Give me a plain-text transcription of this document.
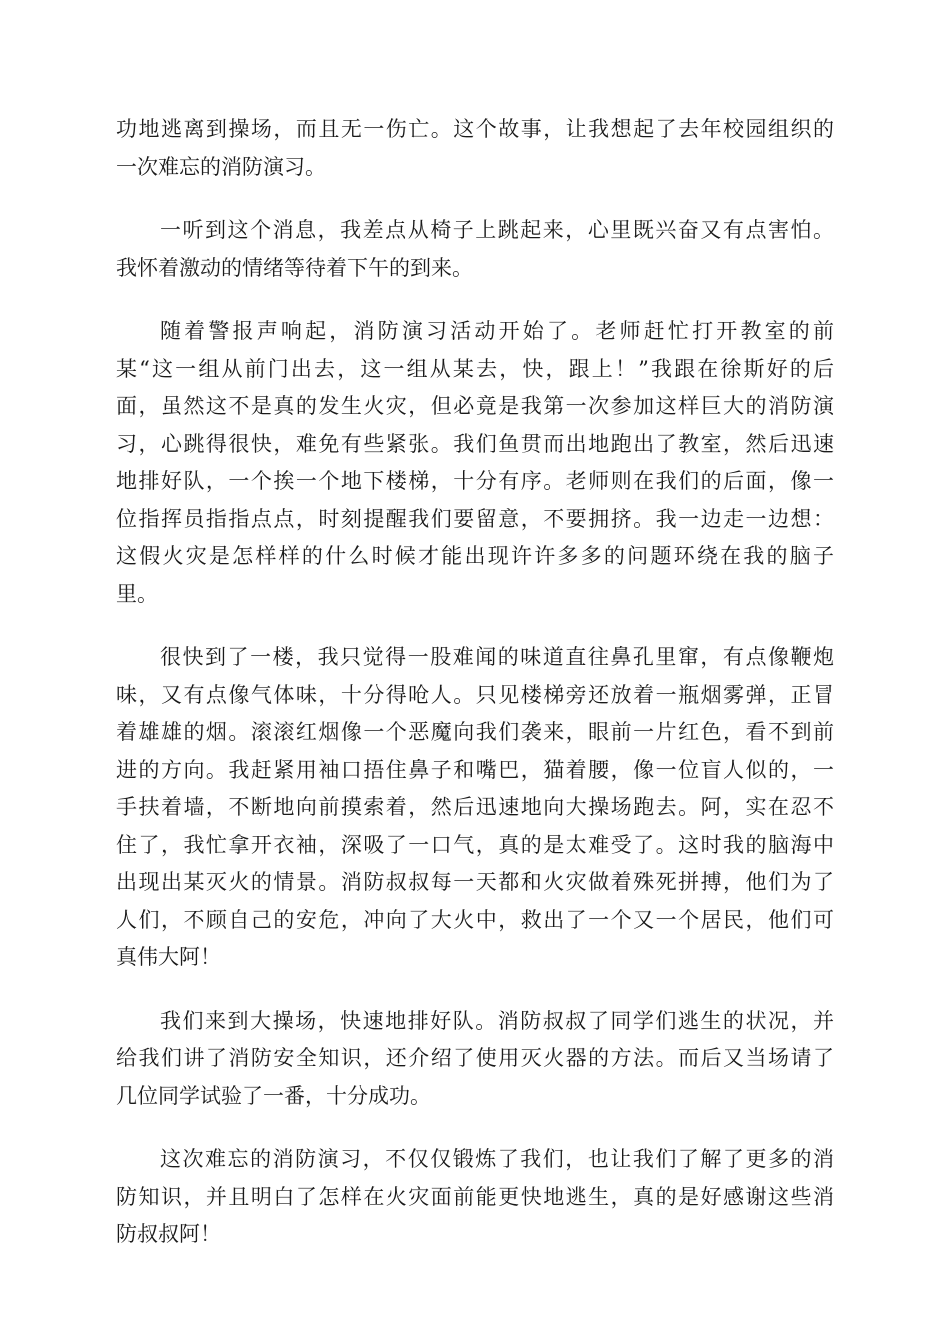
功地逃离到操场，而且无一伤亡。这个故事，让我想起了去年校园组织的
一次难忘的消防演习。

一听到这个消息，我差点从椅子上跳起来，心里既兴奋又有点害怕。
我怀着激动的情绪等待着下午的到来。

随着警报声响起，消防演习活动开始了。老师赶忙打开教室的前
某“这一组从前门出去，这一组从某去，快，跟上！”我跟在徐斯好的后
面，虽然这不是真的发生火灾，但必竟是我第一次参加这样巨大的消防演
习，心跳得很快，难免有些紧张。我们鱼贯而出地跑出了教室，然后迅速
地排好队，一个挨一个地下楼梯，十分有序。老师则在我们的后面，像一
位指挥员指指点点，时刻提醒我们要留意，不要拥挤。我一边走一边想：
这假火灾是怎样样的什么时候才能出现许许多多的问题环绕在我的脑子
里。

很快到了一楼，我只觉得一股难闻的味道直往鼻孔里窜，有点像鞭炮
味，又有点像气体味，十分得呛人。只见楼梯旁还放着一瓶烟雾弹，正冒
着雄雄的烟。滚滚红烟像一个恶魔向我们袭来，眼前一片红色，看不到前
进的方向。我赶紧用袖口捂住鼻子和嘴巴，猫着腰，像一位盲人似的，一
手扶着墙，不断地向前摸索着，然后迅速地向大操场跑去。阿，实在忍不
住了，我忙拿开衣袖，深吸了一口气，真的是太难受了。这时我的脑海中
出现出某灭火的情景。消防叔叔每一天都和火灾做着殊死拼搏，他们为了
人们，不顾自己的安危，冲向了大火中，救出了一个又一个居民，他们可
真伟大阿！

我们来到大操场，快速地排好队。消防叔叔了同学们逃生的状况，并
给我们讲了消防安全知识，还介绍了使用灭火器的方法。而后又当场请了
几位同学试验了一番，十分成功。

这次难忘的消防演习，不仅仅锻炼了我们，也让我们了解了更多的消
防知识，并且明白了怎样在火灾面前能更快地逃生，真的是好感谢这些消
防叔叔阿！
